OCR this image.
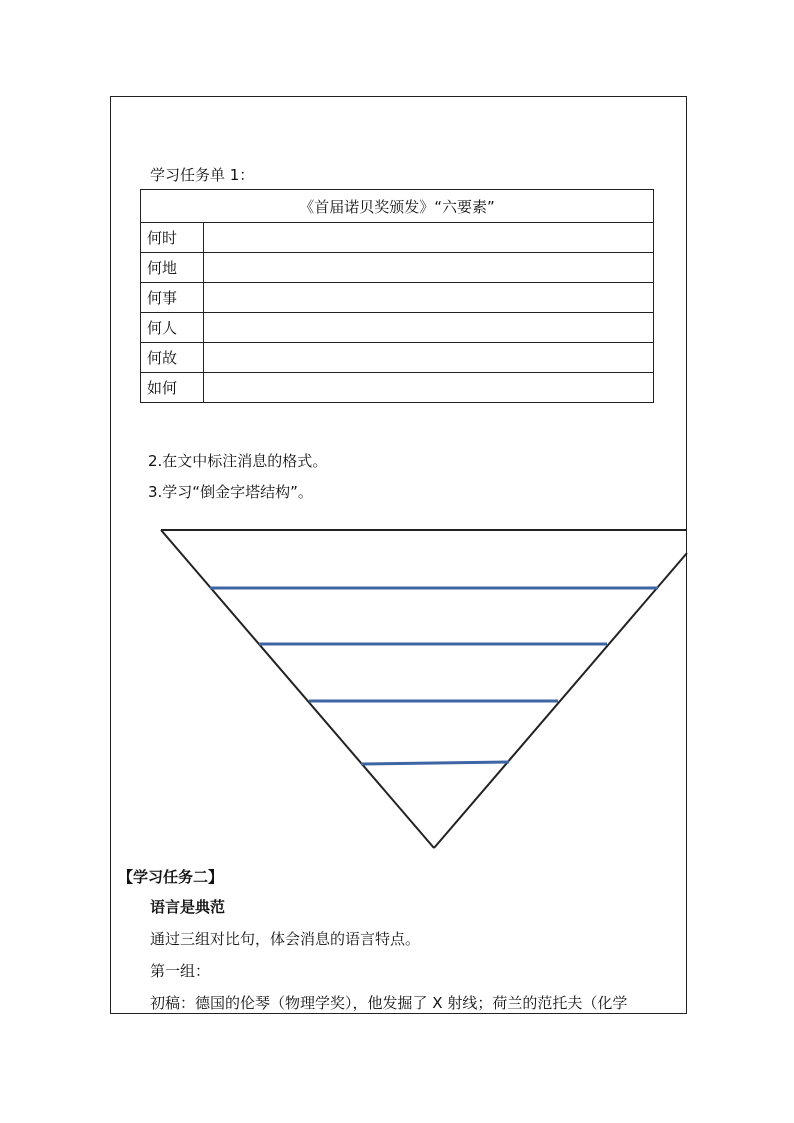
学习任务单 1：
《首届诺贝奖颁发》“六要素”	
何时	
何地	
何事	
何人	
何故	
如何	
2.在文中标注消息的格式。
3.学习“倒金字塔结构”。
【学习任务二】
语言是典范
通过三组对比句，体会消息的语言特点。
第一组：
初稿：德国的伦琴（物理学奖），他发掘了 X 射线；荷兰的范托夫（化学
